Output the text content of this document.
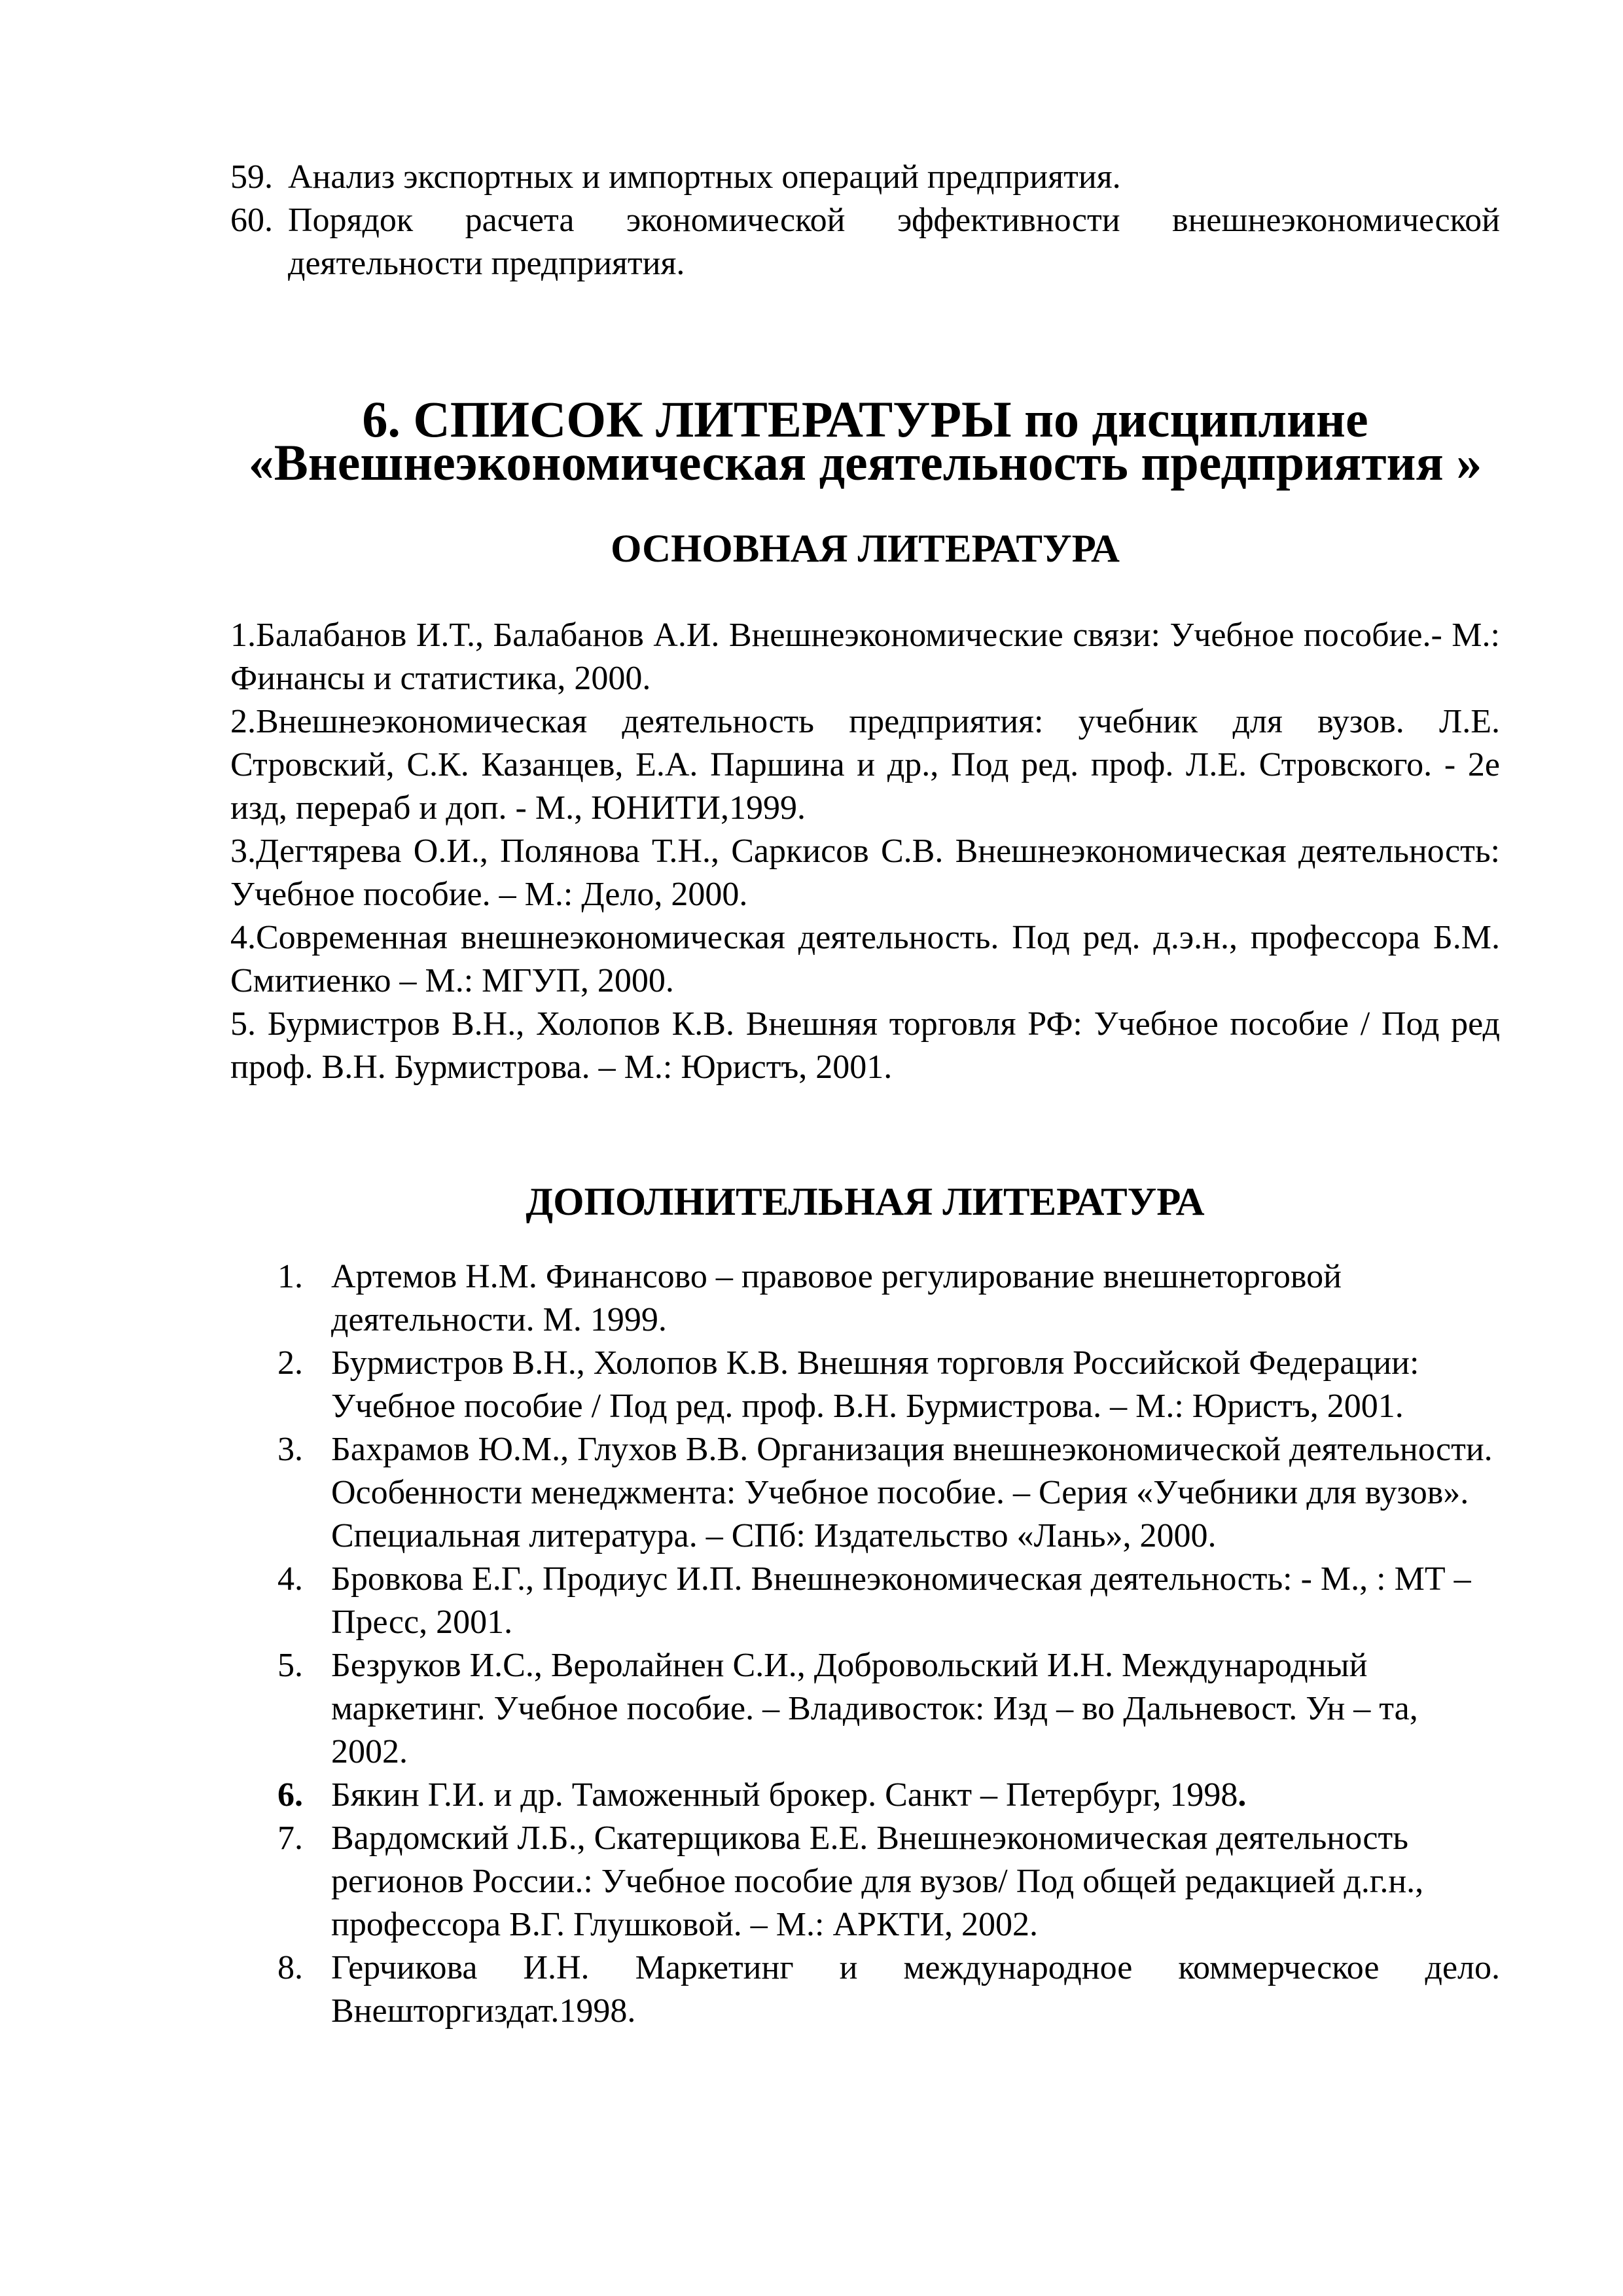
59. Анализ экспортных и импортных операций предприятия.
60. Порядок расчета экономической эффективности внешнеэкономической деятельности предприятия.
6. СПИСОК ЛИТЕРАТУРЫ по дисциплине «Внешнеэкономическая деятельность предприятия »
ОСНОВНАЯ ЛИТЕРАТУРА

1.Балабанов И.Т., Балабанов А.И. Внешнеэкономические связи: Учебное пособие.- М.: Финансы и статистика, 2000.

2.Внешнеэкономическая деятельность предприятия: учебник для вузов. Л.Е. Стровский, С.К. Казанцев, Е.А. Паршина и др., Под ред. проф. Л.Е. Стровского. - 2е изд, перераб и доп. - М., ЮНИТИ,1999.

3.Дегтярева О.И., Полянова Т.Н., Саркисов С.В. Внешнеэкономическая деятельность: Учебное пособие. – М.: Дело, 2000.

4.Современная внешнеэкономическая деятельность. Под ред. д.э.н., профессора Б.М. Смитиенко – М.: МГУП, 2000.

5. Бурмистров В.Н., Холопов К.В. Внешняя торговля РФ: Учебное пособие / Под ред проф. В.Н. Бурмистрова. – М.: Юристъ, 2001.

ДОПОЛНИТЕЛЬНАЯ ЛИТЕРАТУРА
1. Артемов Н.М. Финансово – правовое регулирование внешнеторговой деятельности. М. 1999.
2. Бурмистров В.Н., Холопов К.В. Внешняя торговля Российской Федерации: Учебное пособие / Под ред. проф. В.Н. Бурмистрова. – М.: Юристъ, 2001.
3. Бахрамов Ю.М., Глухов В.В. Организация внешнеэкономической деятельности. Особенности менеджмента: Учебное пособие. – Серия «Учебники для вузов». Специальная литература. – СПб: Издательство «Лань», 2000.
4. Бровкова Е.Г., Продиус И.П. Внешнеэкономическая деятельность: - М., : МТ – Пресс, 2001.
5. Безруков И.С., Веролайнен С.И., Добровольский И.Н. Международный маркетинг. Учебное пособие. – Владивосток: Изд – во Дальневост. Ун – та, 2002.
6. Бякин Г.И. и др. Таможенный брокер. Санкт – Петербург, 1998.
7. Вардомский Л.Б., Скатерщикова Е.Е. Внешнеэкономическая деятельность регионов России.: Учебное пособие для вузов/ Под общей редакцией д.г.н., профессора В.Г. Глушковой. – М.: АРКТИ, 2002.
8. Герчикова И.Н. Маркетинг и международное коммерческое дело. Внешторгиздат.1998.
